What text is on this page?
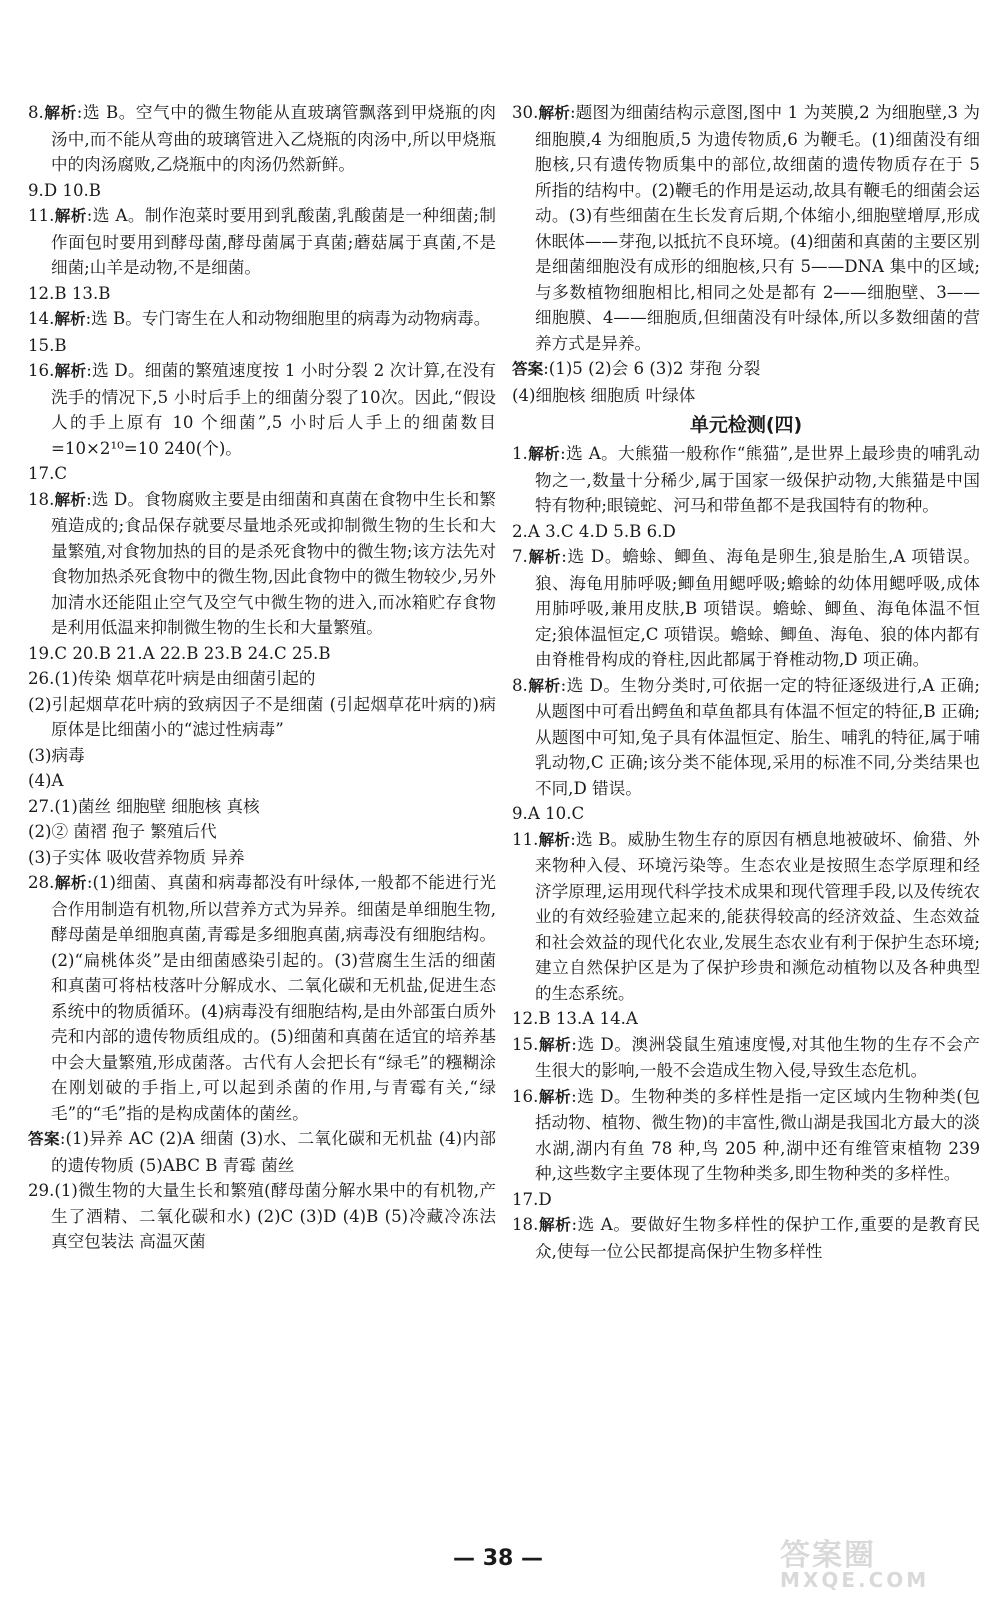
8.解析:选 B。空气中的微生物能从直玻璃管飘落到甲烧瓶的肉汤中,而不能从弯曲的玻璃管进入乙烧瓶的肉汤中,所以甲烧瓶中的肉汤腐败,乙烧瓶中的肉汤仍然新鲜。

9.D 10.B

11.解析:选 A。制作泡菜时要用到乳酸菌,乳酸菌是一种细菌;制作面包时要用到酵母菌,酵母菌属于真菌;蘑菇属于真菌,不是细菌;山羊是动物,不是细菌。

12.B 13.B

14.解析:选 B。专门寄生在人和动物细胞里的病毒为动物病毒。

15.B

16.解析:选 D。细菌的繁殖速度按 1 小时分裂 2 次计算,在没有洗手的情况下,5 小时后手上的细菌分裂了10次。因此,“假设人的手上原有 10 个细菌”,5 小时后人手上的细菌数目=10×2¹⁰=10 240(个)。

17.C

18.解析:选 D。食物腐败主要是由细菌和真菌在食物中生长和繁殖造成的;食品保存就要尽量地杀死或抑制微生物的生长和大量繁殖,对食物加热的目的是杀死食物中的微生物;该方法先对食物加热杀死食物中的微生物,因此食物中的微生物较少,另外加清水还能阻止空气及空气中微生物的进入,而冰箱贮存食物是利用低温来抑制微生物的生长和大量繁殖。

19.C 20.B 21.A 22.B 23.B 24.C 25.B

26.(1)传染 烟草花叶病是由细菌引起的

(2)引起烟草花叶病的致病因子不是细菌 (引起烟草花叶病的)病原体是比细菌小的“滤过性病毒”

(3)病毒

(4)A

27.(1)菌丝 细胞壁 细胞核 真核

(2)② 菌褶 孢子 繁殖后代

(3)子实体 吸收营养物质 异养

28.解析:(1)细菌、真菌和病毒都没有叶绿体,一般都不能进行光合作用制造有机物,所以营养方式为异养。细菌是单细胞生物,酵母菌是单细胞真菌,青霉是多细胞真菌,病毒没有细胞结构。(2)“扁桃体炎”是由细菌感染引起的。(3)营腐生生活的细菌和真菌可将枯枝落叶分解成水、二氧化碳和无机盐,促进生态系统中的物质循环。(4)病毒没有细胞结构,是由外部蛋白质外壳和内部的遗传物质组成的。(5)细菌和真菌在适宜的培养基中会大量繁殖,形成菌落。古代有人会把长有“绿毛”的糨糊涂在刚划破的手指上,可以起到杀菌的作用,与青霉有关,“绿毛”的“毛”指的是构成菌体的菌丝。

答案:(1)异养 AC (2)A 细菌 (3)水、二氧化碳和无机盐 (4)内部的遗传物质 (5)ABC B 青霉 菌丝

29.(1)微生物的大量生长和繁殖(酵母菌分解水果中的有机物,产生了酒精、二氧化碳和水) (2)C (3)D (4)B (5)冷藏冷冻法 真空包装法 高温灭菌

30.解析:题图为细菌结构示意图,图中 1 为荚膜,2 为细胞壁,3 为细胞膜,4 为细胞质,5 为遗传物质,6 为鞭毛。(1)细菌没有细胞核,只有遗传物质集中的部位,故细菌的遗传物质存在于 5 所指的结构中。(2)鞭毛的作用是运动,故具有鞭毛的细菌会运动。(3)有些细菌在生长发育后期,个体缩小,细胞壁增厚,形成休眠体——芽孢,以抵抗不良环境。(4)细菌和真菌的主要区别是细菌细胞没有成形的细胞核,只有 5——DNA 集中的区域;与多数植物细胞相比,相同之处是都有 2——细胞壁、3——细胞膜、4——细胞质,但细菌没有叶绿体,所以多数细菌的营养方式是异养。

答案:(1)5 (2)会 6 (3)2 芽孢 分裂

(4)细胞核 细胞质 叶绿体

单元检测(四)

1.解析:选 A。大熊猫一般称作“熊猫”,是世界上最珍贵的哺乳动物之一,数量十分稀少,属于国家一级保护动物,大熊猫是中国特有物种;眼镜蛇、河马和带鱼都不是我国特有的物种。

2.A 3.C 4.D 5.B 6.D

7.解析:选 D。蟾蜍、鲫鱼、海龟是卵生,狼是胎生,A 项错误。狼、海龟用肺呼吸;鲫鱼用鳃呼吸;蟾蜍的幼体用鳃呼吸,成体用肺呼吸,兼用皮肤,B 项错误。蟾蜍、鲫鱼、海龟体温不恒定;狼体温恒定,C 项错误。蟾蜍、鲫鱼、海龟、狼的体内都有由脊椎骨构成的脊柱,因此都属于脊椎动物,D 项正确。

8.解析:选 D。生物分类时,可依据一定的特征逐级进行,A 正确;从题图中可看出鳄鱼和草鱼都具有体温不恒定的特征,B 正确;从题图中可知,兔子具有体温恒定、胎生、哺乳的特征,属于哺乳动物,C 正确;该分类不能体现,采用的标准不同,分类结果也不同,D 错误。

9.A 10.C

11.解析:选 B。威胁生物生存的原因有栖息地被破坏、偷猎、外来物种入侵、环境污染等。生态农业是按照生态学原理和经济学原理,运用现代科学技术成果和现代管理手段,以及传统农业的有效经验建立起来的,能获得较高的经济效益、生态效益和社会效益的现代化农业,发展生态农业有利于保护生态环境;建立自然保护区是为了保护珍贵和濒危动植物以及各种典型的生态系统。

12.B 13.A 14.A

15.解析:选 D。澳洲袋鼠生殖速度慢,对其他生物的生存不会产生很大的影响,一般不会造成生物入侵,导致生态危机。

16.解析:选 D。生物种类的多样性是指一定区域内生物种类(包括动物、植物、微生物)的丰富性,微山湖是我国北方最大的淡水湖,湖内有鱼 78 种,鸟 205 种,湖中还有维管束植物 239 种,这些数字主要体现了生物种类多,即生物种类的多样性。

17.D

18.解析:选 A。要做好生物多样性的保护工作,重要的是教育民众,使每一位公民都提高保护生物多样性

— 38 —	答案圈
MXQE.COM
